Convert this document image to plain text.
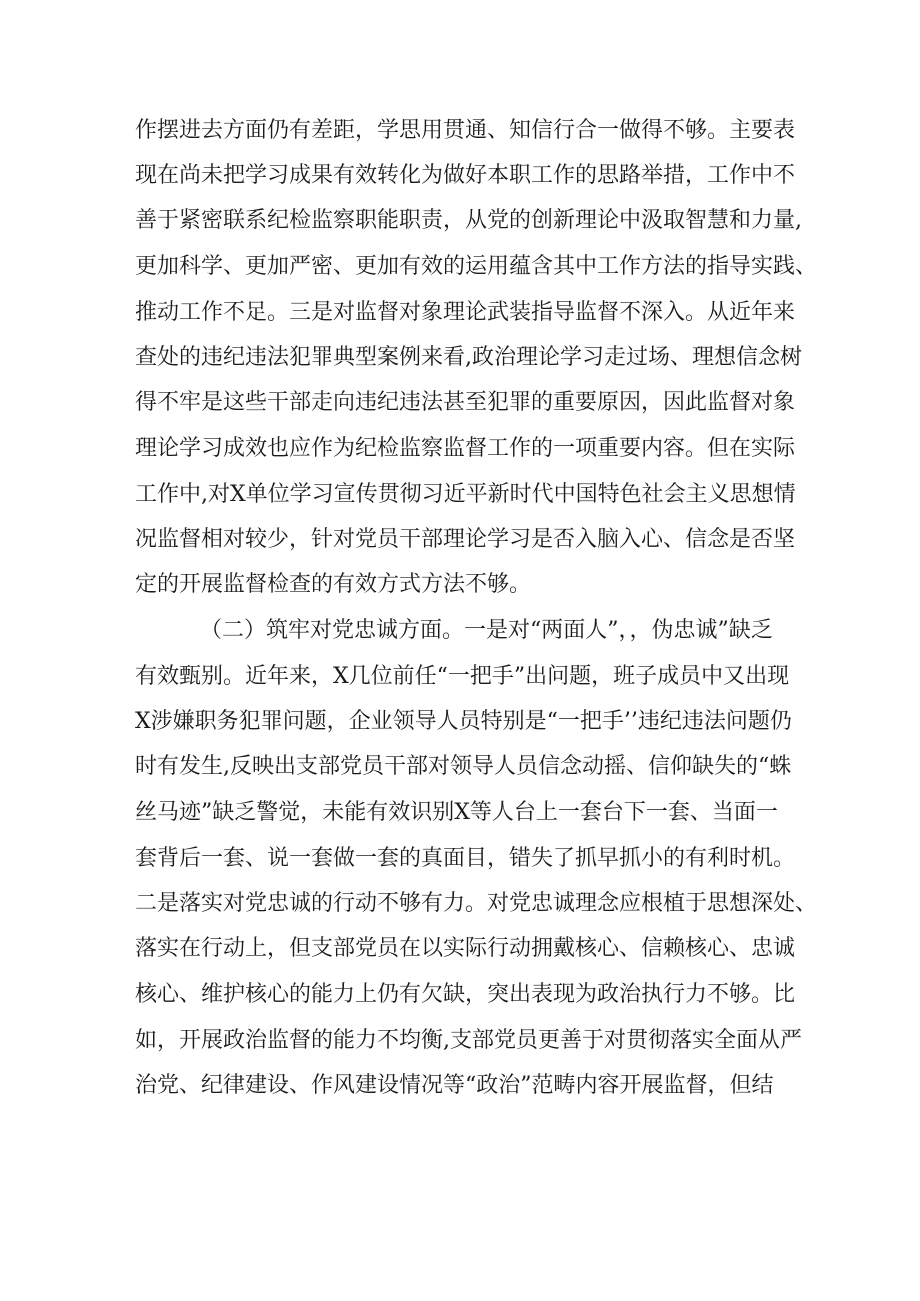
作摆进去方面仍有差距，学思用贯通、知信行合一做得不够。主要表
现在尚未把学习成果有效转化为做好本职工作的思路举措，工作中不
善于紧密联系纪检监察职能职责，从党的创新理论中汲取智慧和力量,
更加科学、更加严密、更加有效的运用蕴含其中工作方法的指导实践、
推动工作不足。三是对监督对象理论武装指导监督不深入。从近年来
查处的违纪违法犯罪典型案例来看,政治理论学习走过场、理想信念树
得不牢是这些干部走向违纪违法甚至犯罪的重要原因，因此监督对象
理论学习成效也应作为纪检监察监督工作的一项重要内容。但在实际
工作中,对X单位学习宣传贯彻习近平新时代中国特色社会主义思想情
况监督相对较少，针对党员干部理论学习是否入脑入心、信念是否坚
定的开展监督检查的有效方式方法不够。
（二）筑牢对党忠诚方面。一是对“两面人”，，伪忠诚”缺乏
有效甄别。近年来，X几位前任“一把手”出问题，班子成员中又出现
X涉嫌职务犯罪问题，企业领导人员特别是“一把手’’违纪违法问题仍
时有发生,反映出支部党员干部对领导人员信念动摇、信仰缺失的“蛛
丝马迹”缺乏警觉，未能有效识别X等人台上一套台下一套、当面一
套背后一套、说一套做一套的真面目，错失了抓早抓小的有利时机。
二是落实对党忠诚的行动不够有力。对党忠诚理念应根植于思想深处、
落实在行动上，但支部党员在以实际行动拥戴核心、信赖核心、忠诚
核心、维护核心的能力上仍有欠缺，突出表现为政治执行力不够。比
如，开展政治监督的能力不均衡,支部党员更善于对贯彻落实全面从严
治党、纪律建设、作风建设情况等“政治”范畴内容开展监督，但结
